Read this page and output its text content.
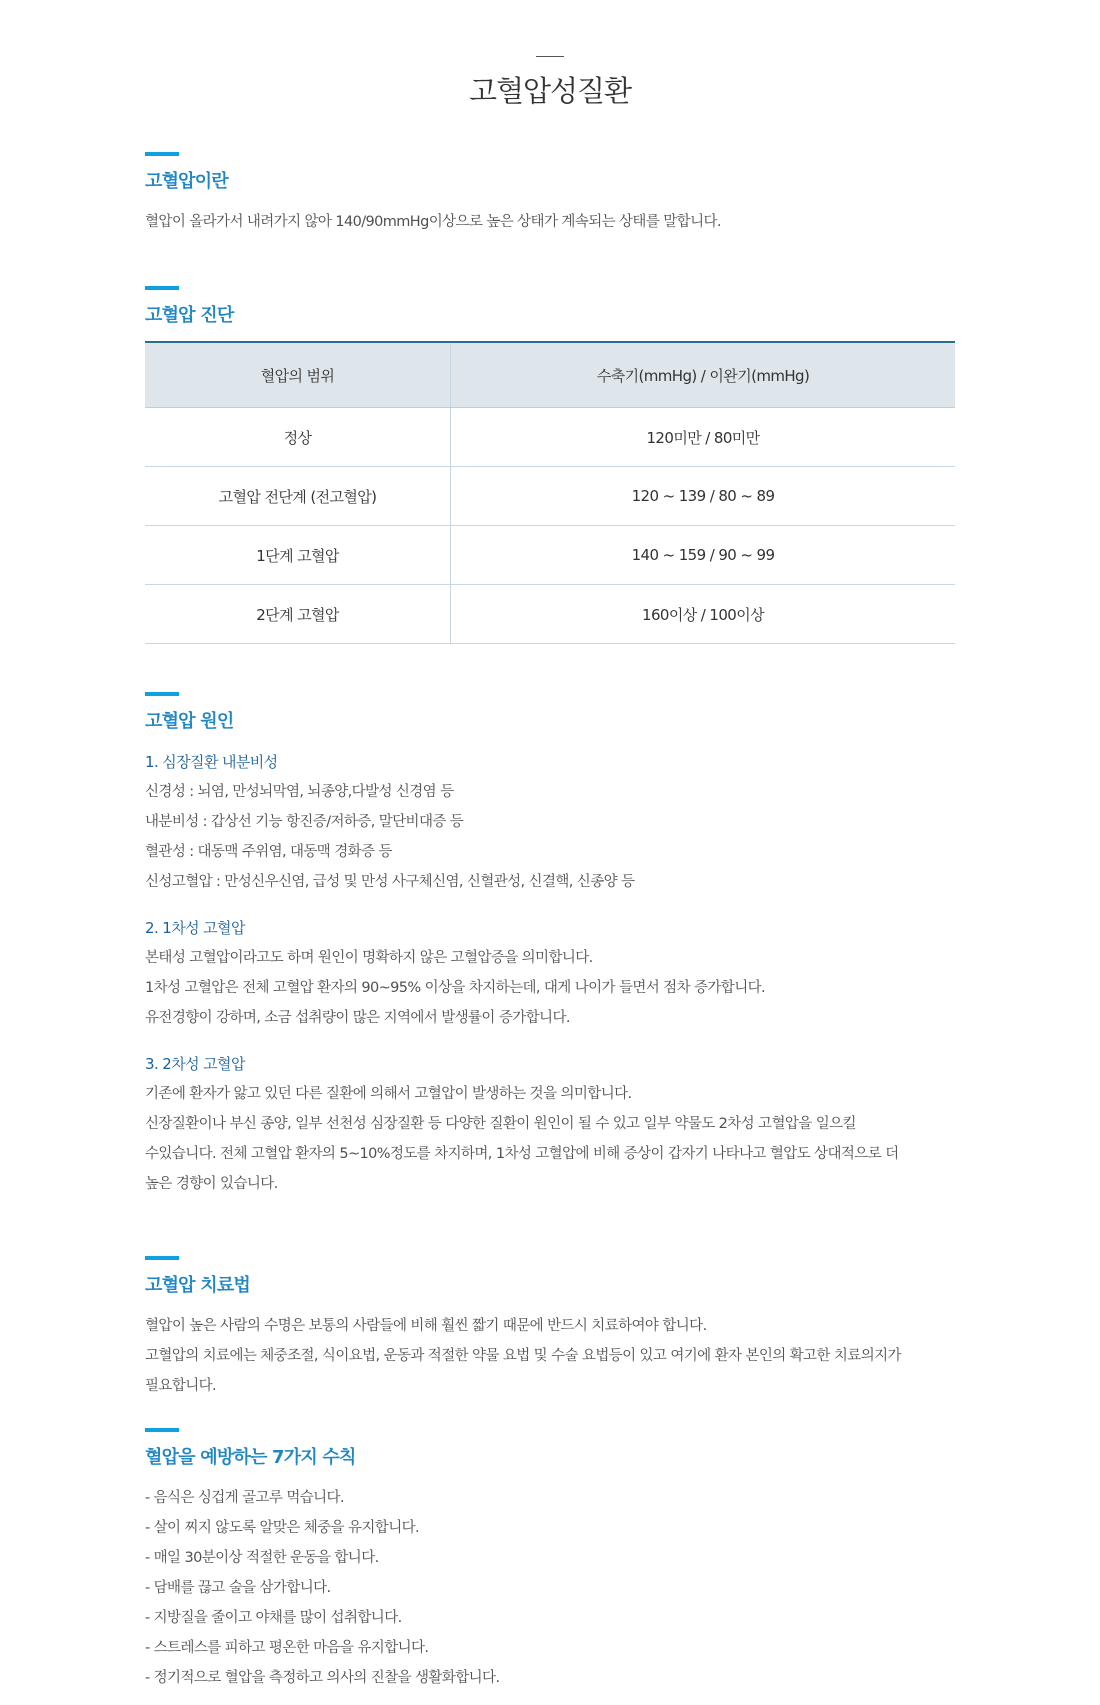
고혈압성질환
고혈압이란
혈압이 올라가서 내려가지 않아 140/90mmHg이상으로 높은 상태가 계속되는 상태를 말합니다.
고혈압 진단
혈압의 범위	수축기(mmHg) / 이완기(mmHg)
정상	120미만 / 80미만
고혈압 전단계 (전고혈압)	120 ~ 139 / 80 ~ 89
1단계 고혈압	140 ~ 159 / 90 ~ 99
2단계 고혈압	160이상 / 100이상
고혈압 원인
1. 심장질환 내분비성
신경성 : 뇌염, 만성뇌막염, 뇌종양,다발성 신경염 등
내분비성 : 갑상선 기능 항진증/저하증, 말단비대증 등
혈관성 : 대동맥 주위염, 대동맥 경화증 등
신성고혈압 : 만성신우신염, 급성 및 만성 사구체신염, 신혈관성, 신결핵, 신종양 등
2. 1차성 고혈압
본태성 고혈압이라고도 하며 원인이 명확하지 않은 고혈압증을 의미합니다.
1차성 고혈압은 전체 고혈압 환자의 90~95% 이상을 차지하는데, 대게 나이가 들면서 점차 증가합니다.
유전경향이 강하며, 소금 섭취량이 많은 지역에서 발생률이 증가합니다.
3. 2차성 고혈압
기존에 환자가 앓고 있던 다른 질환에 의해서 고혈압이 발생하는 것을 의미합니다.
신장질환이나 부신 종양, 일부 선천성 심장질환 등 다양한 질환이 원인이 될 수 있고 일부 약물도 2차성 고혈압을 일으킬
수있습니다. 전체 고혈압 환자의 5~10%정도를 차지하며, 1차성 고혈압에 비해 증상이 갑자기 나타나고 혈압도 상대적으로 더
높은 경향이 있습니다.
고혈압 치료법
혈압이 높은 사람의 수명은 보통의 사람들에 비해 훨씬 짧기 때문에 반드시 치료하여야 합니다.
고혈압의 치료에는 체중조절, 식이요법, 운동과 적절한 약물 요법 및 수술 요법등이 있고 여기에 환자 본인의 확고한 치료의지가
필요합니다.
혈압을 예방하는 7가지 수칙
- 음식은 싱겁게 골고루 먹습니다.
- 살이 찌지 않도록 알맞은 체중을 유지합니다.
- 매일 30분이상 적절한 운동을 합니다.
- 담배를 끊고 술을 삼가합니다.
- 지방질을 줄이고 야채를 많이 섭취합니다.
- 스트레스를 피하고 평온한 마음을 유지합니다.
- 정기적으로 혈압을 측정하고 의사의 진찰을 생활화합니다.
